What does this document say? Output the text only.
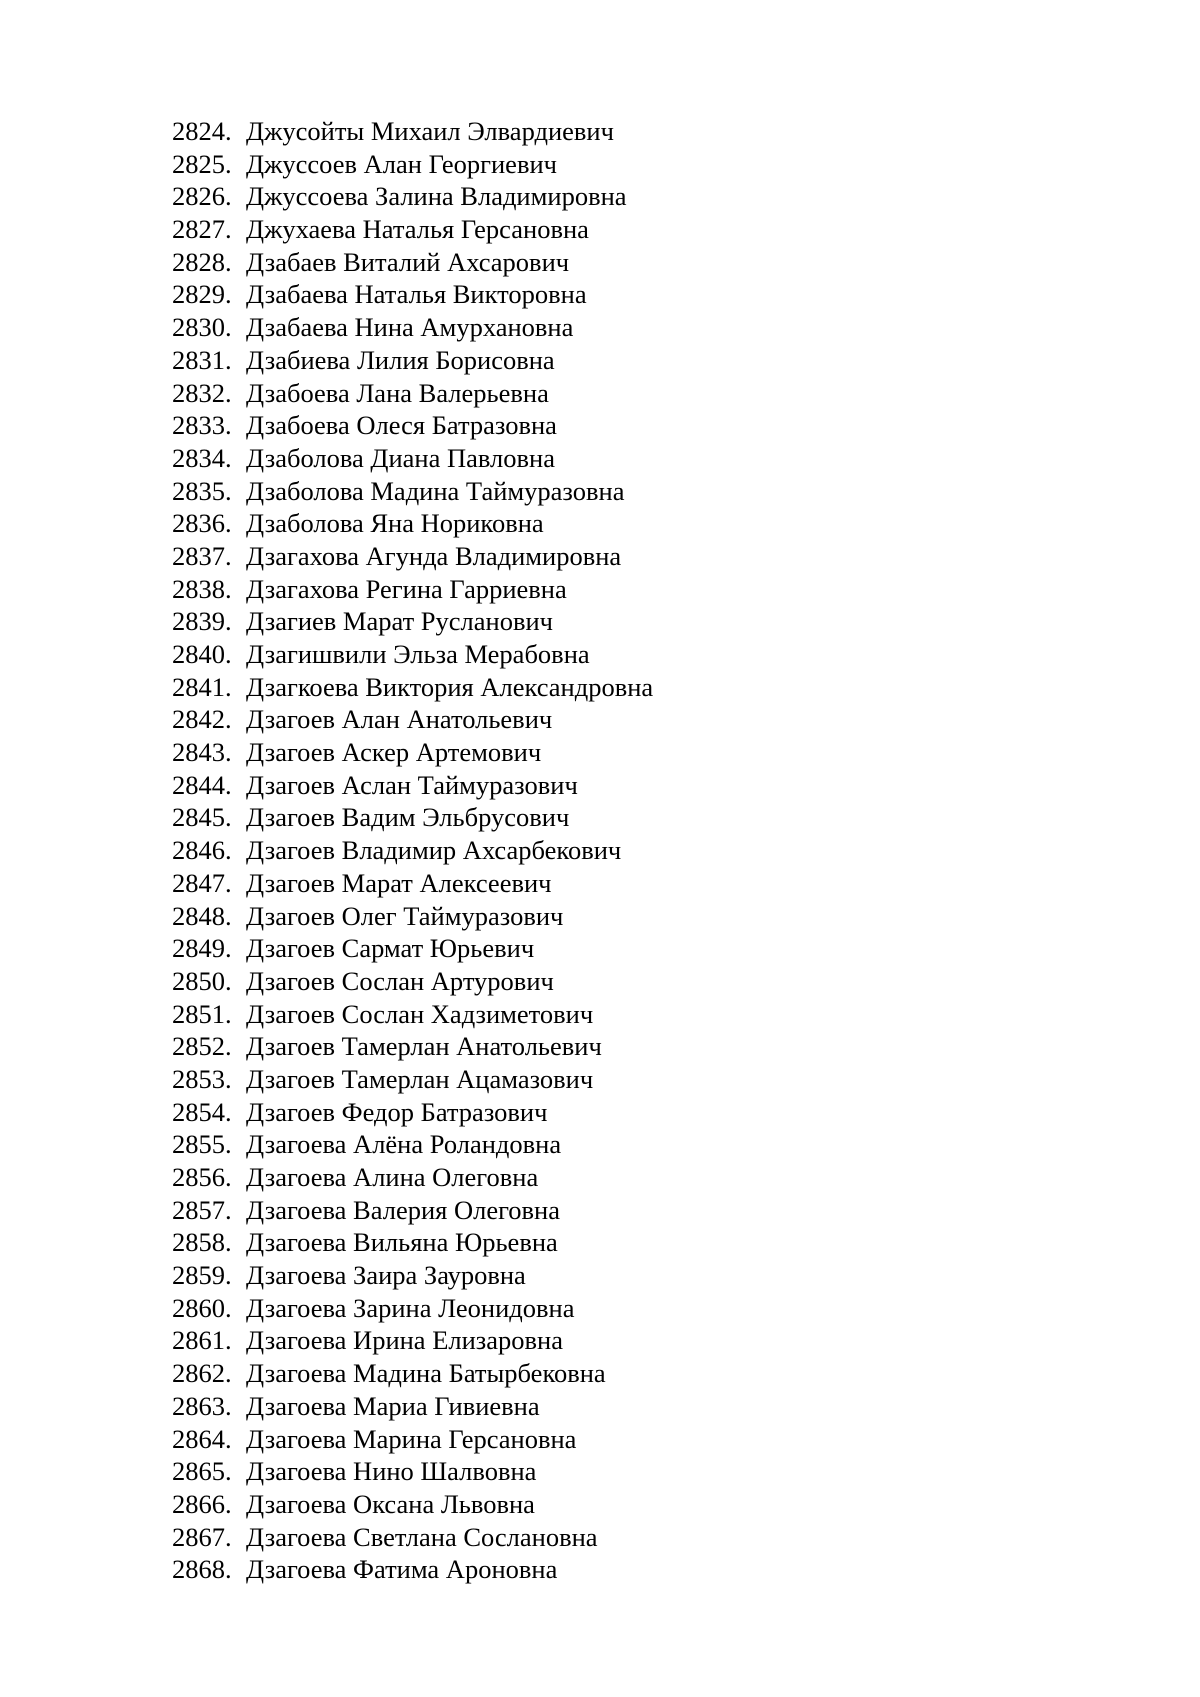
2824. Джусойты Михаил Элвардиевич
2825. Джуссоев Алан Георгиевич
2826. Джуссоева Залина Владимировна
2827. Джухаева Наталья Герсановна
2828. Дзабаев Виталий Ахсарович
2829. Дзабаева Наталья Викторовна
2830. Дзабаева Нина Амурхановна
2831. Дзабиева Лилия Борисовна
2832. Дзабоева Лана Валерьевна
2833. Дзабоева Олеся Батразовна
2834. Дзаболова Диана Павловна
2835. Дзаболова Мадина Таймуразовна
2836. Дзаболова Яна Нориковна
2837. Дзагахова Агунда Владимировна
2838. Дзагахова Регина Гарриевна
2839. Дзагиев Марат Русланович
2840. Дзагишвили Эльза Мерабовна
2841. Дзагкоева Виктория Александровна
2842. Дзагоев Алан Анатольевич
2843. Дзагоев Аскер Артемович
2844. Дзагоев Аслан Таймуразович
2845. Дзагоев Вадим Эльбрусович
2846. Дзагоев Владимир Ахсарбекович
2847. Дзагоев Марат Алексеевич
2848. Дзагоев Олег Таймуразович
2849. Дзагоев Сармат Юрьевич
2850. Дзагоев Сослан Артурович
2851. Дзагоев Сослан Хадзиметович
2852. Дзагоев Тамерлан Анатольевич
2853. Дзагоев Тамерлан Ацамазович
2854. Дзагоев Федор Батразович
2855. Дзагоева Алёна Роландовна
2856. Дзагоева Алина Олеговна
2857. Дзагоева Валерия Олеговна
2858. Дзагоева Вильяна Юрьевна
2859. Дзагоева Заира Зауровна
2860. Дзагоева Зарина Леонидовна
2861. Дзагоева Ирина Елизаровна
2862. Дзагоева Мадина Батырбековна
2863. Дзагоева Мариа Гивиевна
2864. Дзагоева Марина Герсановна
2865. Дзагоева Нино Шалвовна
2866. Дзагоева Оксана Львовна
2867. Дзагоева Светлана Сослановна
2868. Дзагоева Фатима Ароновна
